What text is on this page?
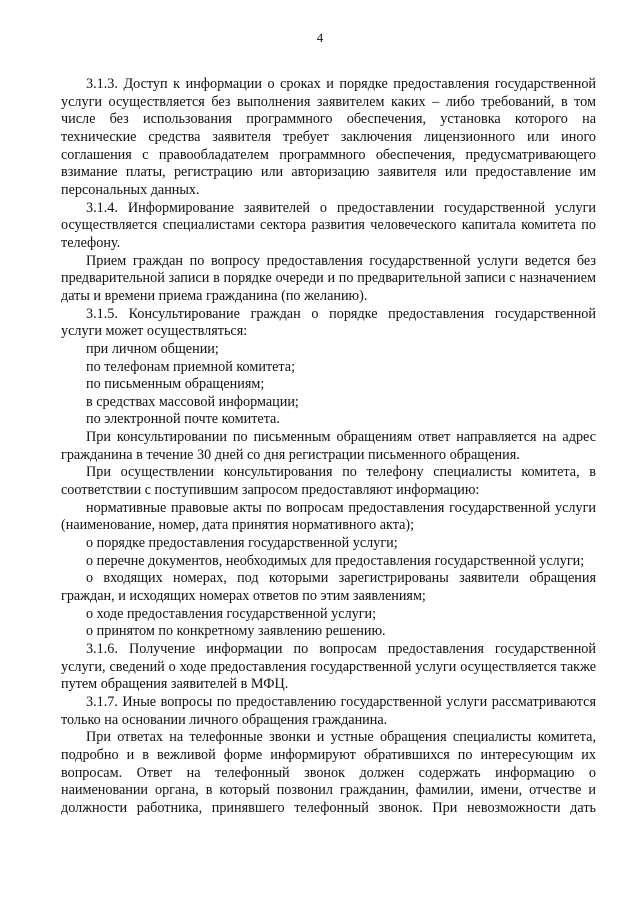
4

3.1.3. Доступ к информации о сроках и порядке предоставления государственной услуги осуществляется без выполнения заявителем каких – либо требований, в том числе без использования программного обеспечения, установка которого на технические средства заявителя требует заключения лицензионного или иного соглашения с правообладателем программного обеспечения, предусматривающего взимание платы, регистрацию или авторизацию заявителя или предоставление им персональных данных.

3.1.4. Информирование заявителей о предоставлении государственной услуги осуществляется специалистами сектора развития человеческого капитала комитета по телефону.

Прием граждан по вопросу предоставления государственной услуги ведется без предварительной записи в порядке очереди и по предварительной записи с назначением даты и времени приема гражданина (по желанию).

3.1.5. Консультирование граждан о порядке предоставления государственной услуги может осуществляться:

при личном общении;

по телефонам приемной комитета;

по письменным обращениям;

в средствах массовой информации;

по электронной почте комитета.

При консультировании по письменным обращениям ответ направляется на адрес гражданина в течение 30 дней со дня регистрации письменного обращения.

При осуществлении консультирования по телефону специалисты комитета, в соответствии с поступившим запросом предоставляют информацию:

нормативные правовые акты по вопросам предоставления государственной услуги (наименование, номер, дата принятия нормативного акта);

о порядке предоставления государственной услуги;

о перечне документов, необходимых для предоставления государственной услуги;

о входящих номерах, под которыми зарегистрированы заявители обращения граждан, и исходящих номерах ответов по этим заявлениям;

о ходе предоставления государственной услуги;

о принятом по конкретному заявлению решению.

3.1.6. Получение информации по вопросам предоставления государственной услуги, сведений о ходе предоставления государственной услуги осуществляется также путем обращения заявителей в МФЦ.

3.1.7. Иные вопросы по предоставлению государственной услуги рассматриваются только на основании личного обращения гражданина.

При ответах на телефонные звонки и устные обращения специалисты комитета, подробно и в вежливой форме информируют обратившихся по интересующим их вопросам. Ответ на телефонный звонок должен содержать информацию о наименовании органа, в который позвонил гражданин, фамилии, имени, отчестве и должности работника, принявшего телефонный звонок. При невозможности дать
